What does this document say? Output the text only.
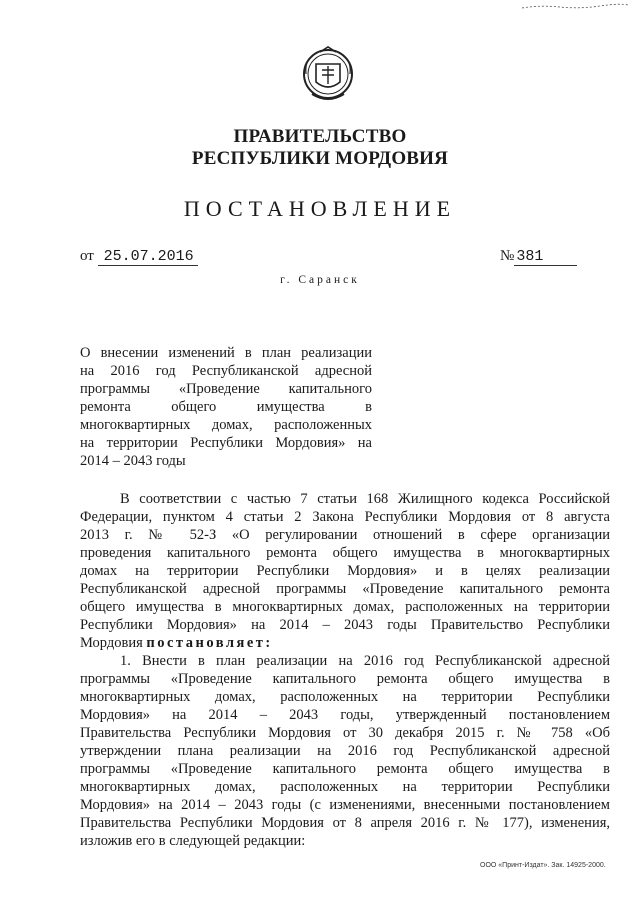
ПРАВИТЕЛЬСТВО
РЕСПУБЛИКИ МОРДОВИЯ
ПОСТАНОВЛЕНИЕ
от 25.07.2016	№ 381
г. Саранск
О внесении изменений в план реализации
на 2016 год Республиканской адресной
программы «Проведение капитального
ремонта общего имущества в
многоквартирных домах, расположенных
на территории Республики Мордовия» на
2014 – 2043 годы
В соответствии с частью 7 статьи 168 Жилищного кодекса Российской
Федерации, пунктом 4 статьи 2 Закона Республики Мордовия от 8 августа
2013 г. № 52-З «О регулировании отношений в сфере организации
проведения капитального ремонта общего имущества в многоквартирных
домах на территории Республики Мордовия» и в целях реализации
Республиканской адресной программы «Проведение капитального ремонта
общего имущества в многоквартирных домах, расположенных на территории
Республики Мордовия» на 2014 – 2043 годы Правительство Республики
Мордовия постановляет:
1. Внести в план реализации на 2016 год Республиканской адресной
программы «Проведение капитального ремонта общего имущества в
многоквартирных домах, расположенных на территории Республики
Мордовия» на 2014 – 2043 годы, утвержденный постановлением
Правительства Республики Мордовия от 30 декабря 2015 г. № 758 «Об
утверждении плана реализации на 2016 год Республиканской адресной
программы «Проведение капитального ремонта общего имущества в
многоквартирных домах, расположенных на территории Республики
Мордовия» на 2014 – 2043 годы (с изменениями, внесенными постановлением
Правительства Республики Мордовия от 8 апреля 2016 г. № 177), изменения,
изложив его в следующей редакции:
ООО «Принт-Издат». Зак. 14925-2000.
